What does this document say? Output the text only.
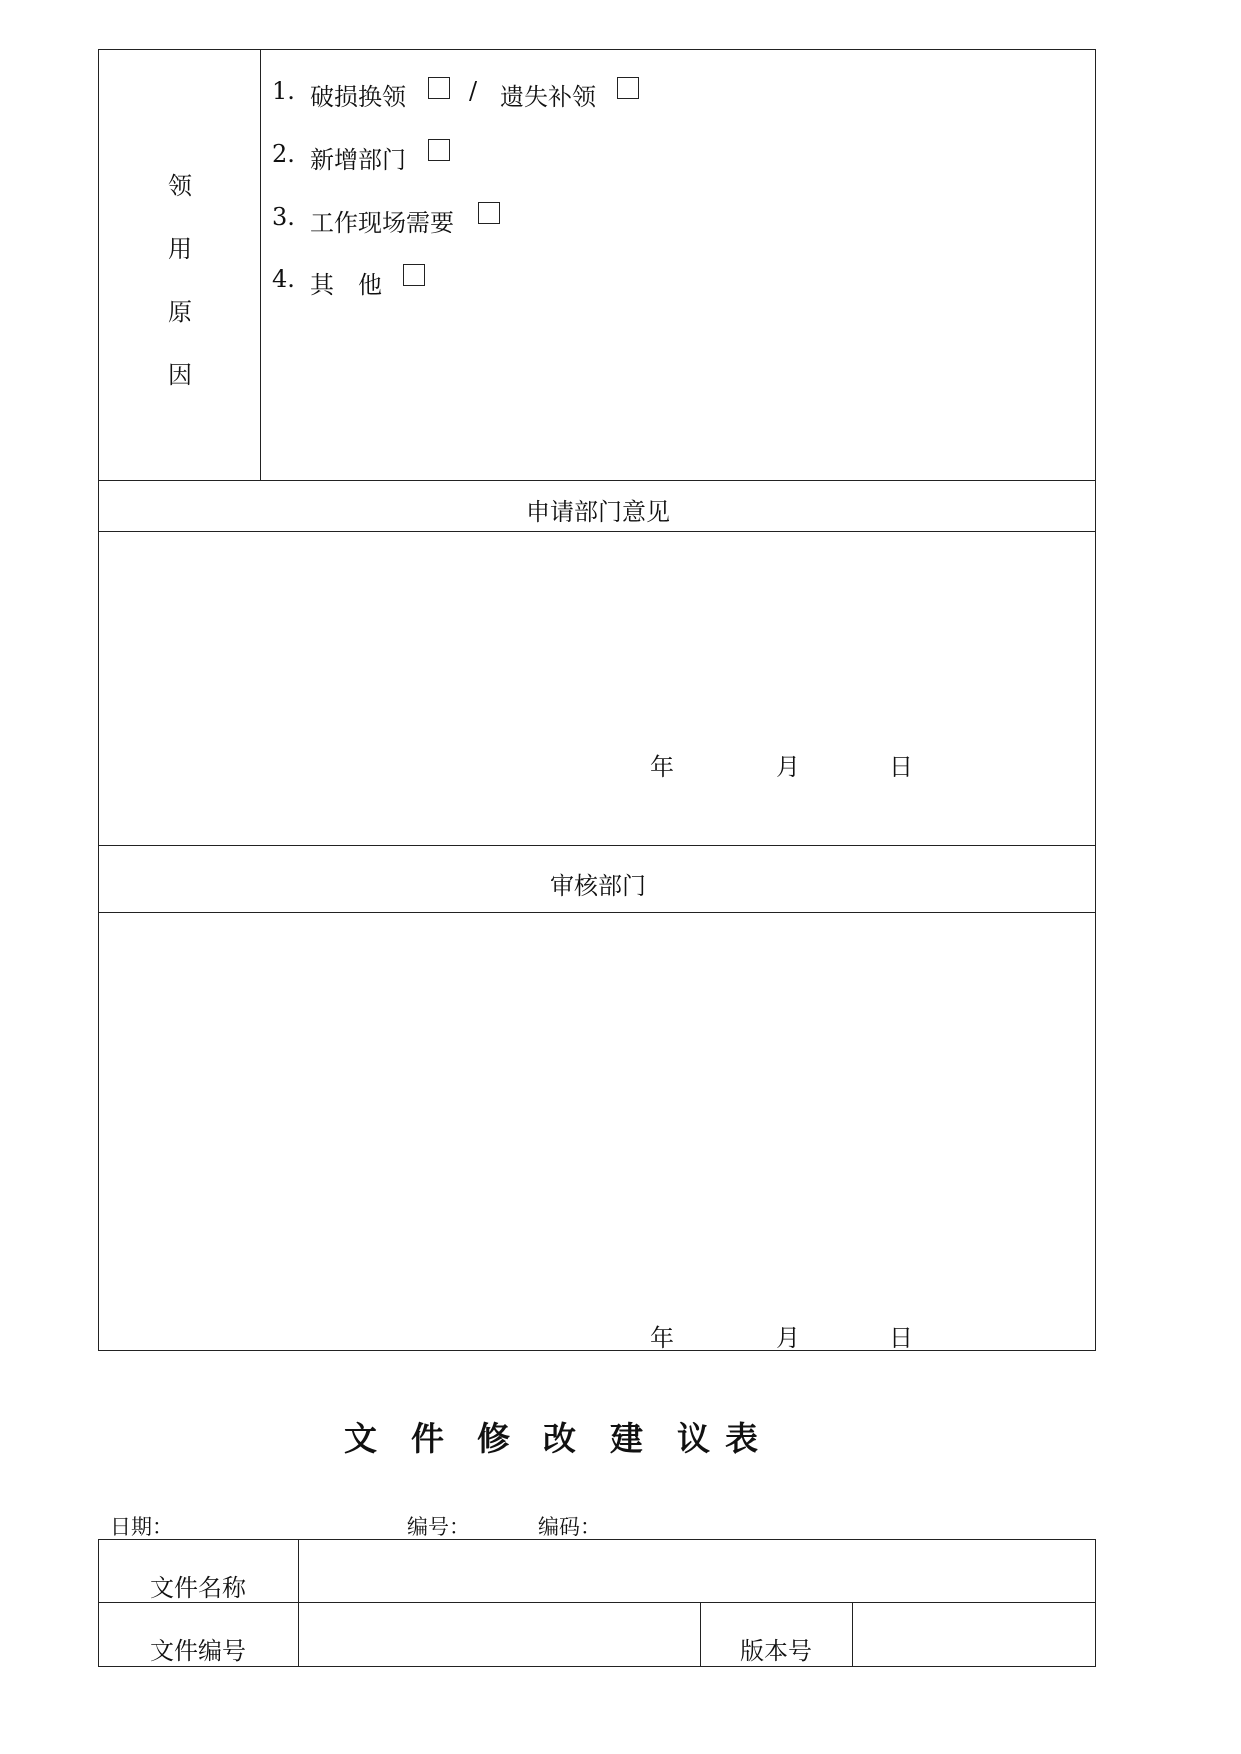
领
用
原
因
1. 破损换领	/ 遗失补领
2. 新增部门
3. 工作现场需要
4. 其　他
申请部门意见
审核部门
年	月	日
年	月	日
文 件 修 改 建 议 表
日期：	编号：	编码：
文件名称
文件编号	版本号
